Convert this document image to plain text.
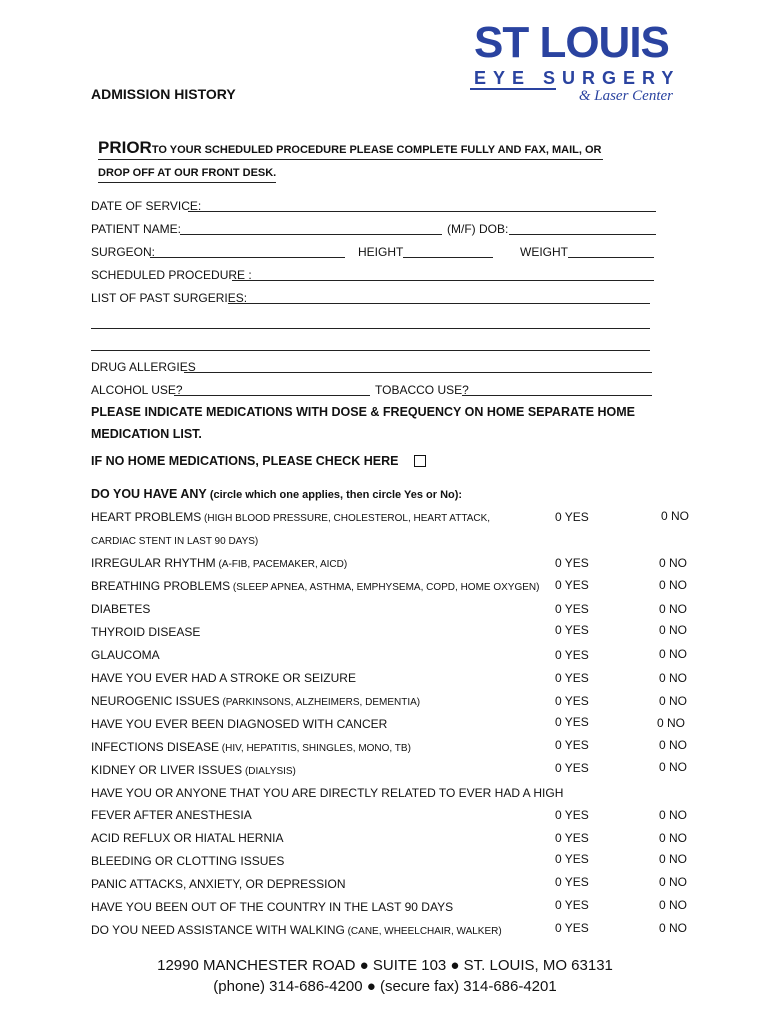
ST LOUIS
EYE SURGERY
& Laser Center
ADMISSION HISTORY
PRIORTO YOUR SCHEDULED PROCEDURE PLEASE COMPLETE FULLY AND FAX, MAIL, OR
DROP OFF AT OUR FRONT DESK.
DATE OF SERVICE:
PATIENT NAME:	(M/F) DOB:
SURGEON:	HEIGHT	WEIGHT
SCHEDULED PROCEDURE :
LIST OF PAST SURGERIES:
DRUG ALLERGIES
ALCOHOL USE?	TOBACCO USE?
PLEASE INDICATE MEDICATIONS WITH DOSE & FREQUENCY ON HOME SEPARATE HOME
MEDICATION LIST.
IF NO HOME MEDICATIONS, PLEASE CHECK HERE
DO YOU HAVE ANY (circle which one applies, then circle Yes or No):
HEART PROBLEMS (HIGH BLOOD PRESSURE, CHOLESTEROL, HEART ATTACK,	0 YES	0 NO
CARDIAC STENT IN LAST 90 DAYS)
IRREGULAR RHYTHM (A-FIB, PACEMAKER, AICD)	0 YES	0 NO
BREATHING PROBLEMS (SLEEP APNEA, ASTHMA, EMPHYSEMA, COPD, HOME OXYGEN) 0 YES	0 NO
DIABETES	0 YES	0 NO
THYROID DISEASE	0 YES	0 NO
GLAUCOMA	0 YES	0 NO
HAVE YOU EVER HAD A STROKE OR SEIZURE	0 YES	0 NO
NEUROGENIC ISSUES (PARKINSONS, ALZHEIMERS, DEMENTIA)	0 YES	0 NO
HAVE YOU EVER BEEN DIAGNOSED WITH CANCER	0 YES	0 NO
INFECTIONS DISEASE (HIV, HEPATITIS, SHINGLES, MONO, TB)	0 YES	0 NO
KIDNEY OR LIVER ISSUES (DIALYSIS)	0 YES	0 NO
HAVE YOU OR ANYONE THAT YOU ARE DIRECTLY RELATED TO EVER HAD A HIGH
FEVER AFTER ANESTHESIA	0 YES	0 NO
ACID REFLUX OR HIATAL HERNIA	0 YES	0 NO
BLEEDING OR CLOTTING ISSUES	0 YES	0 NO
PANIC ATTACKS, ANXIETY, OR DEPRESSION	0 YES	0 NO
HAVE YOU BEEN OUT OF THE COUNTRY IN THE LAST 90 DAYS	0 YES	0 NO
DO YOU NEED ASSISTANCE WITH WALKING (CANE, WHEELCHAIR, WALKER)	0 YES	0 NO
12990 MANCHESTER ROAD ● SUITE 103 ● ST. LOUIS, MO 63131
(phone) 314-686-4200 ● (secure fax) 314-686-4201
